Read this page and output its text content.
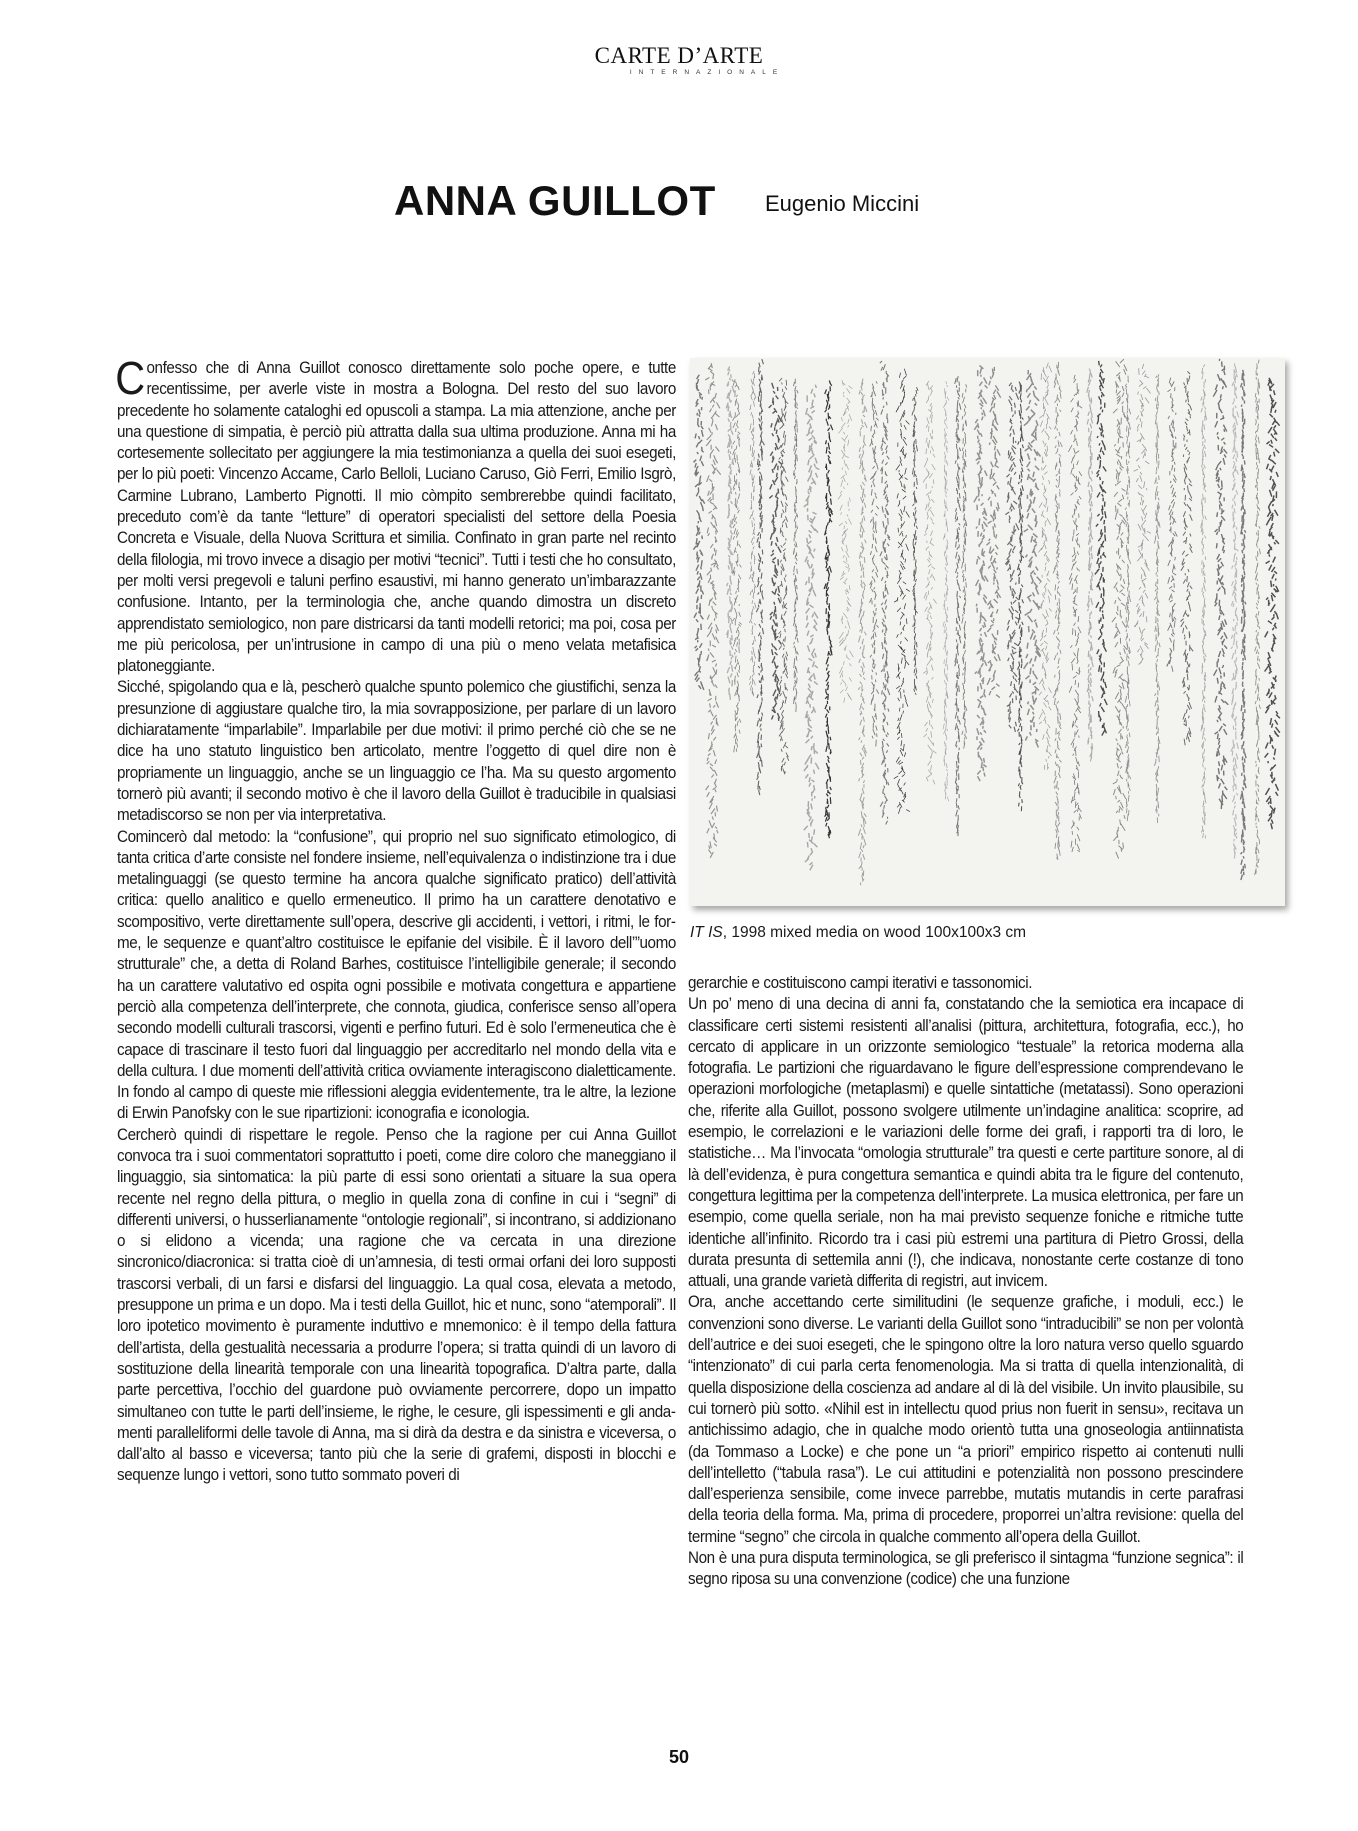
CARTE D’ARTE
INTERNAZIONALE
ANNA GUILLOT Eugenio Miccini

Confesso che di Anna Guillot conosco direttamente solo poche opere, e tutte recentissime, per averle viste in mostra a Bologna. Del resto del suo lavoro precedente ho solamente cataloghi ed opuscoli a stampa. La mia attenzione, anche per una questione di simpatia, è perciò più attratta dalla sua ultima produzione. Anna mi ha cortesemente sollecitato per aggiungere la mia testimonianza a quella dei suoi esegeti, per lo più poeti: Vincenzo Accame, Carlo Belloli, Luciano Caruso, Giò Ferri, Emilio Isgrò, Carmine Lubrano, Lamberto Pignotti. Il mio còmpito sembrerebbe quindi facilitato, preceduto com’è da tante “letture” di operatori specialisti del settore della Poesia Concreta e Visuale, della Nuova Scrittura et similia. Confinato in gran parte nel recinto della filologia, mi trovo invece a disagio per motivi “tecnici”. Tutti i testi che ho consultato, per molti versi pregevoli e taluni perfino esaustivi, mi hanno generato un’imbarazzante confusione. Intanto, per la terminologia che, anche quando dimostra un discreto apprendistato semiologico, non pare districarsi da tanti modelli retorici; ma poi, cosa per me più pericolosa, per un’intrusione in campo di una più o meno velata metafisica platoneggiante.

Sicché, spigolando qua e là, pescherò qualche spunto polemico che giustifichi, senza la presunzione di aggiustare qualche tiro, la mia sovrapposizione, per parlare di un lavoro dichiaratamente “imparlabile”. Imparlabile per due motivi: il primo perché ciò che se ne dice ha uno statuto linguistico ben articolato, mentre l’oggetto di quel dire non è propriamente un linguaggio, anche se un linguaggio ce l’ha. Ma su questo argomento tornerò più avanti; il secondo motivo è che il lavoro della Guillot è traducibile in qualsiasi metadiscorso se non per via interpretativa.

Comincerò dal metodo: la “confusione”, qui proprio nel suo significato etimologico, di tanta critica d’arte consiste nel fondere insieme, nell’equivalenza o indistinzione tra i due metalinguaggi (se questo termine ha ancora qualche significato pratico) dell’attività critica: quello analitico e quello ermeneutico. Il primo ha un carattere denotativo e scompositivo, verte direttamente sull’opera, descrive gli accidenti, i vettori, i ritmi, le forme, le sequenze e quant’altro costituisce le epifanie del visibile. È il lavoro dell’”uomo strutturale” che, a detta di Roland Barhes, costituisce l’intelligibile generale; il secondo ha un carattere valutativo ed ospita ogni possibile e motivata congettura e appartiene perciò alla competenza dell’interprete, che connota, giudica, conferisce senso all’opera secondo modelli culturali trascorsi, vigenti e perfino futuri. Ed è solo l’ermeneutica che è capace di trascinare il testo fuori dal linguaggio per accreditarlo nel mondo della vita e della cultura. I due momenti dell’attività critica ovviamente interagiscono dialetticamente. In fondo al campo di queste mie riflessioni aleggia evidentemente, tra le altre, la lezione di Erwin Panofsky con le sue ripartizioni: iconografia e iconologia.

Cercherò quindi di rispettare le regole. Penso che la ragione per cui Anna Guillot convoca tra i suoi commentatori soprattutto i poeti, come dire coloro che maneggiano il linguaggio, sia sintomatica: la più parte di essi sono orientati a situare la sua opera recente nel regno della pittura, o meglio in quella zona di confine in cui i “segni” di differenti universi, o husserlianamente “ontologie regionali”, si incontrano, si addizionano o si elidono a vicenda; una ragione che va cercata in una direzione sincronico/diacronica: si tratta cioè di un’amnesia, di testi ormai orfani dei loro supposti trascorsi verbali, di un farsi e disfarsi del linguaggio. La qual cosa, elevata a metodo, presuppone un prima e un dopo. Ma i testi della Guillot, hic et nunc, sono “atemporali”. Il loro ipotetico movimento è puramente induttivo e mnemonico: è il tempo della fattura dell’artista, della gestualità necessaria a produrre l’opera; si tratta quindi di un lavoro di sostituzione della linearità temporale con una linearità topografica. D’altra parte, dalla parte percettiva, l’occhio del guardone può ovviamente percorrere, dopo un impatto simultaneo con tutte le parti dell’insieme, le righe, le cesure, gli ispessimenti e gli andamenti paralleliformi delle tavole di Anna, ma si dirà da destra e da sinistra e viceversa, o dall’alto al basso e viceversa; tanto più che la serie di grafemi, disposti in blocchi e sequenze lungo i vettori, sono tutto sommato poveri di

IT IS, 1998 mixed media on wood 100x100x3 cm

gerarchie e costituiscono campi iterativi e tassonomici.

Un po’ meno di una decina di anni fa, constatando che la semiotica era incapace di classificare certi sistemi resistenti all’analisi (pittura, architettura, fotografia, ecc.), ho cercato di applicare in un orizzonte semiologico “testuale” la retorica moderna alla fotografia. Le partizioni che riguardavano le figure dell’espressione comprendevano le operazioni morfologiche (metaplasmi) e quelle sintattiche (metatassi). Sono operazioni che, riferite alla Guillot, possono svolgere utilmente un’indagine analitica: scoprire, ad esempio, le correlazioni e le variazioni delle forme dei grafi, i rapporti tra di loro, le statistiche… Ma l’invocata “omologia strutturale” tra questi e certe partiture sonore, al di là dell’evidenza, è pura congettura semantica e quindi abita tra le figure del contenuto, congettura legittima per la competenza dell’interprete. La musica elettronica, per fare un esempio, come quella seriale, non ha mai previsto sequenze foniche e ritmiche tutte identiche all’infinito. Ricordo tra i casi più estremi una partitura di Pietro Grossi, della durata presunta di settemila anni (!), che indicava, nonostante certe costanze di tono attuali, una grande varietà differita di registri, aut invicem.

Ora, anche accettando certe similitudini (le sequenze grafiche, i moduli, ecc.) le convenzioni sono diverse. Le varianti della Guillot sono “intraducibili” se non per volontà dell’autrice e dei suoi esegeti, che le spingono oltre la loro natura verso quello sguardo “intenzionato” di cui parla certa fenomenologia. Ma si tratta di quella intenzionalità, di quella disposizione della coscienza ad andare al di là del visibile. Un invito plausibile, su cui tornerò più sotto. «Nihil est in intellectu quod prius non fuerit in sensu», recitava un antichissimo adagio, che in qualche modo orientò tutta una gnoseologia antiinnatista (da Tommaso a Locke) e che pone un “a priori” empirico rispetto ai contenuti nulli dell’intelletto (“tabula rasa”). Le cui attitudini e potenzialità non possono prescindere dall’esperienza sensibile, come invece parrebbe, mutatis mutandis in certe parafrasi della teoria della forma. Ma, prima di procedere, proporrei un’altra revisione: quella del termine “segno” che circola in qualche commento all’opera della Guillot.

Non è una pura disputa terminologica, se gli preferisco il sintagma “funzione segnica”: il segno riposa su una convenzione (codice) che una funzione

50
